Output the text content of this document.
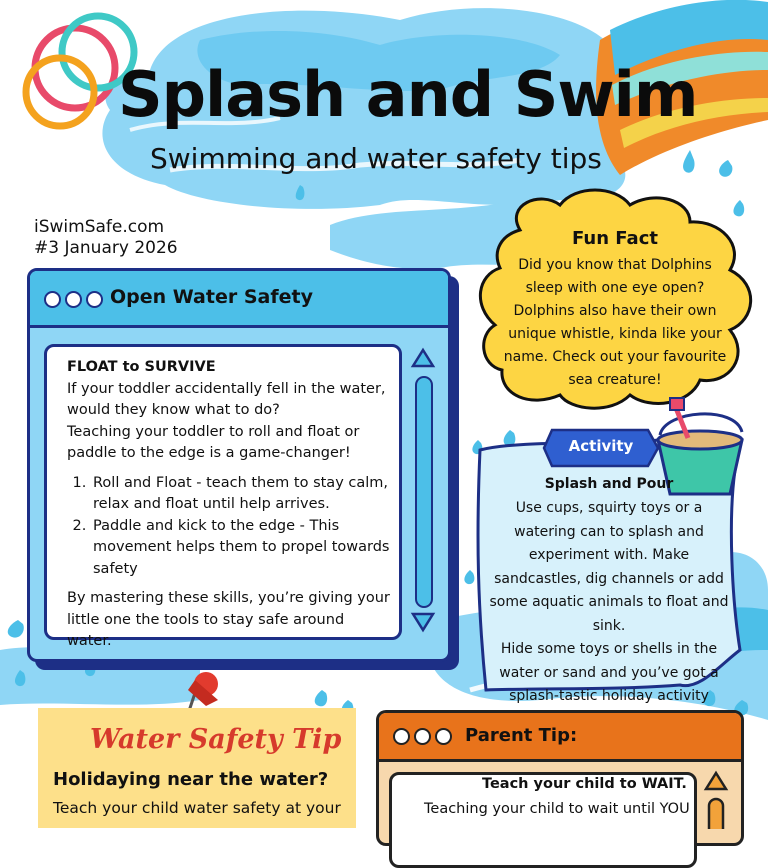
Splash and Swim
Swimming and water safety tips
iSwimSafe.com
#3 January 2026
Open Water Safety
FLOAT to SURVIVE
If your toddler accidentally fell in the water, would they know what to do?
Teaching your toddler to roll and float or paddle to the edge is a game-changer!
1. Roll and Float - teach them to stay calm, relax and float until help arrives.
2. Paddle and kick to the edge - This movement helps them to propel towards safety
By mastering these skills, you’re giving your little one the tools to stay safe around water.
Fun Fact
Did you know that Dolphins sleep with one eye open? Dolphins also have their own unique whistle, kinda like your name. Check out your favourite sea creature!
Activity
Splash and Pour
Use cups, squirty toys or a watering can to splash and experiment with. Make sandcastles, dig channels or add some aquatic animals to float and sink.
Hide some toys or shells in the water or sand and you’ve got a splash-tastic holiday activity
Water Safety Tip
Holidaying near the water?
Teach your child water safety at your
Parent Tip:
Teach your child to WAIT.
Teaching your child to wait until YOU
